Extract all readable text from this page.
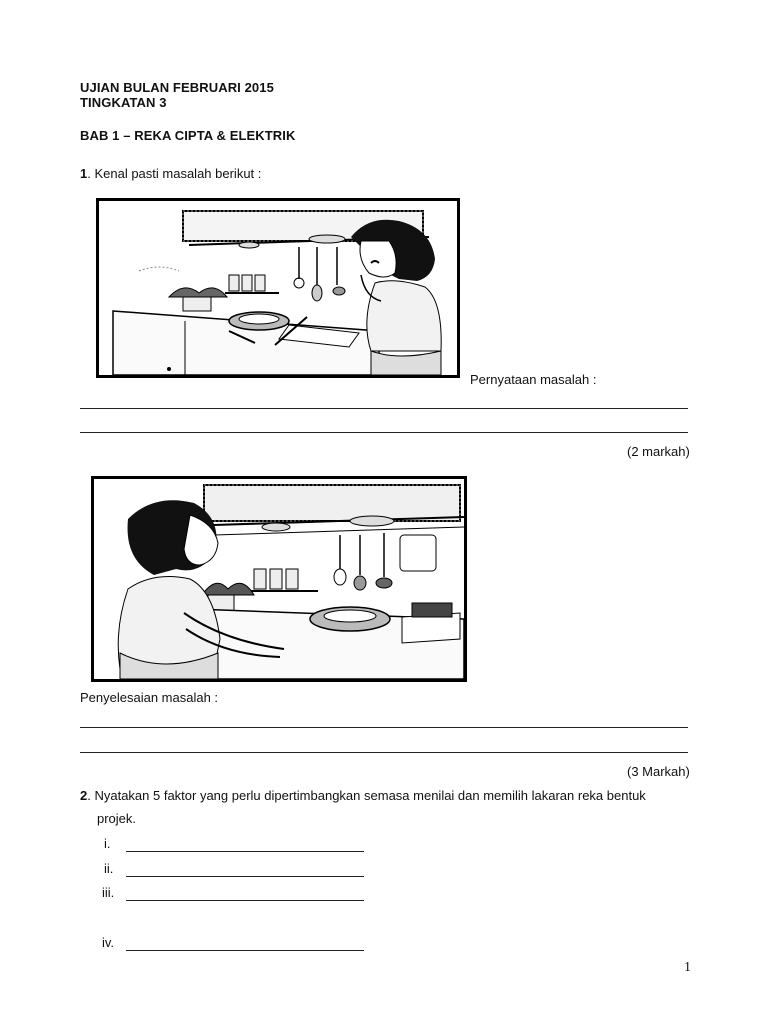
UJIAN BULAN FEBRUARI 2015
TINGKATAN 3
BAB 1 – REKA CIPTA & ELEKTRIK
1. Kenal pasti masalah berikut :
Pernyataan masalah :
(2 markah)
Penyelesaian masalah :
(3 Markah)
2. Nyatakan 5 faktor yang perlu dipertimbangkan semasa menilai dan memilih lakaran reka bentuk
projek.
i.
ii.
iii.
iv.
1
